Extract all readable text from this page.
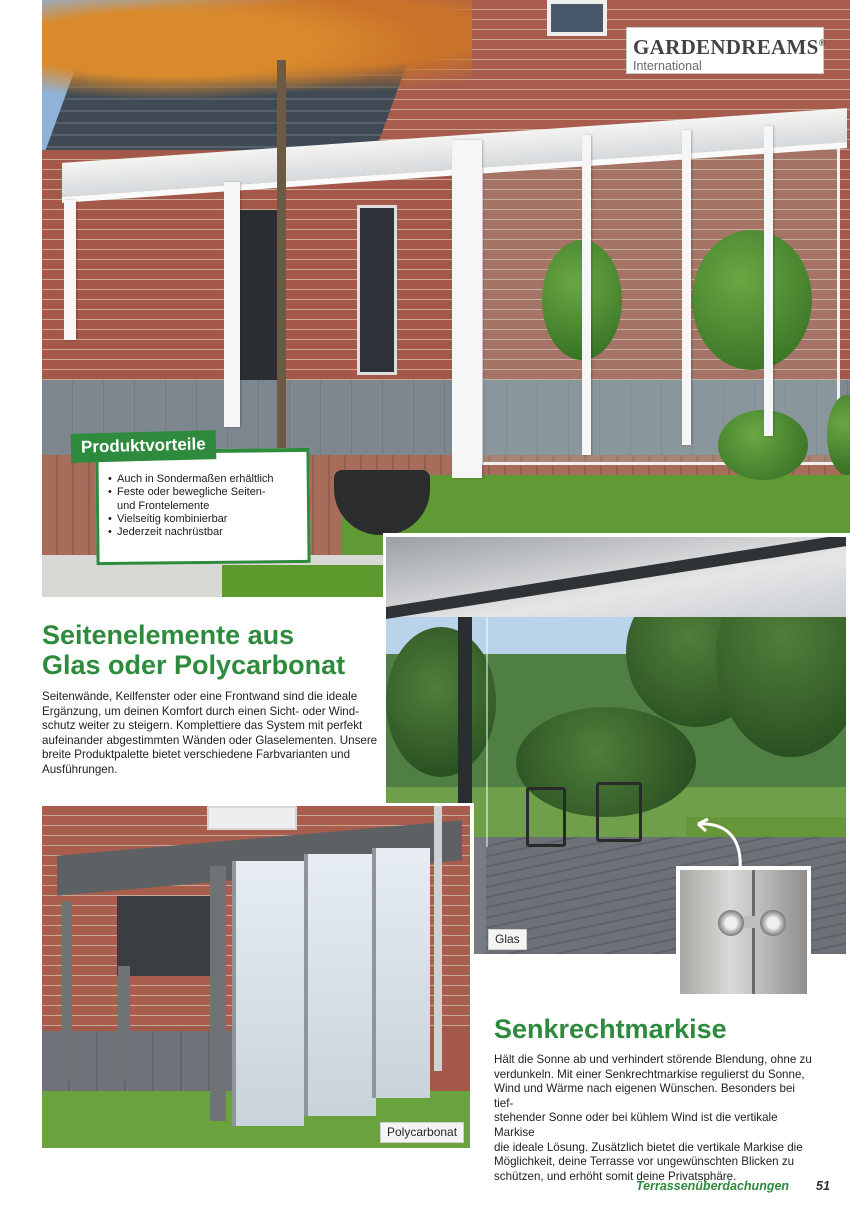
GARDENDREAMS®
International
Produktvorteile
• Auch in Sondermaßen erhältlich
• Feste oder bewegliche Seiten-
und Frontelemente
• Vielseitig kombinierbar
• Jederzeit nachrüstbar
Seitenelemente aus
Glas oder Polycarbonat
Seitenwände, Keilfenster oder eine Frontwand sind die ideale
Ergänzung, um deinen Komfort durch einen Sicht- oder Wind-
schutz weiter zu steigern. Komplettiere das System mit perfekt
aufeinander abgestimmten Wänden oder Glaselementen. Unsere
breite Produktpalette bietet verschiedene Farbvarianten und
Ausführungen.
Glas
Polycarbonat
Senkrechtmarkise
Hält die Sonne ab und verhindert störende Blendung, ohne zu
verdunkeln. Mit einer Senkrechtmarkise regulierst du Sonne,
Wind und Wärme nach eigenen Wünschen. Besonders bei tief-
stehender Sonne oder bei kühlem Wind ist die vertikale Markise
die ideale Lösung. Zusätzlich bietet die vertikale Markise die
Möglichkeit, deine Terrasse vor ungewünschten Blicken zu
schützen, und erhöht somit deine Privatsphäre.
Terrassenüberdachungen 51
